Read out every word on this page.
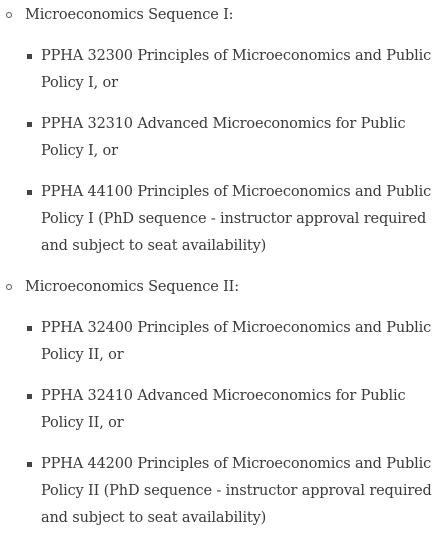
Microeconomics Sequence I:
PPHA 32300 Principles of Microeconomics and Public Policy I, or
PPHA 32310 Advanced Microeconomics for Public Policy I, or
PPHA 44100 Principles of Microeconomics and Public Policy I (PhD sequence - instructor approval required and subject to seat availability)
Microeconomics Sequence II:
PPHA 32400 Principles of Microeconomics and Public Policy II, or
PPHA 32410 Advanced Microeconomics for Public Policy II, or
PPHA 44200 Principles of Microeconomics and Public Policy II (PhD sequence - instructor approval required and subject to seat availability)
